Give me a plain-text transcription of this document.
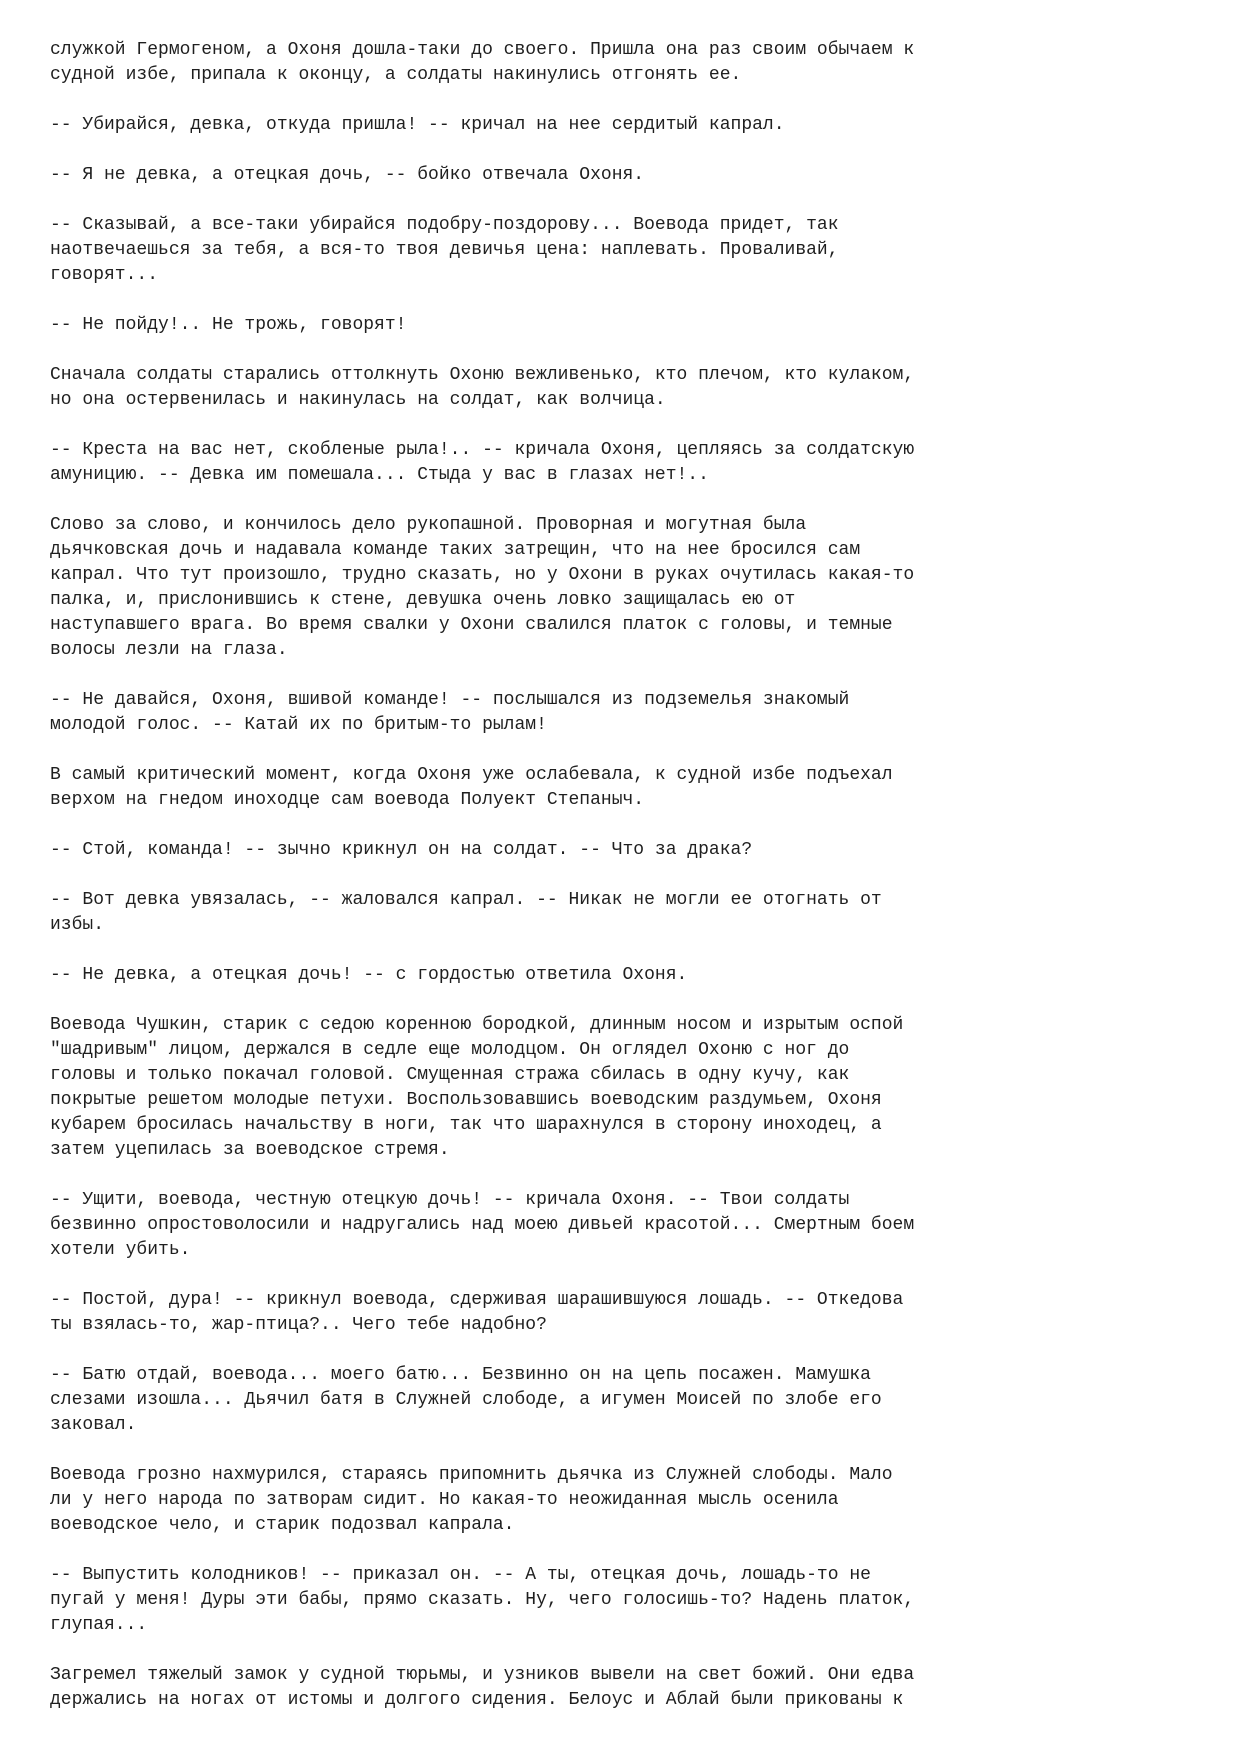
служкой Гермогеном, а Охоня дошла-таки до своего. Пришла она раз своим обычаем к
судной избе, припала к оконцу, а солдаты накинулись отгонять ее.

-- Убирайся, девка, откуда пришла! -- кричал на нее сердитый капрал.

-- Я не девка, а отецкая дочь, -- бойко отвечала Охоня.

-- Сказывай, а все-таки убирайся подобру-поздорову... Воевода придет, так
наотвечаешься за тебя, а вся-то твоя девичья цена: наплевать. Проваливай,
говорят...

-- Не пойду!.. Не трожь, говорят!

Сначала солдаты старались оттолкнуть Охоню вежливенько, кто плечом, кто кулаком,
но она остервенилась и накинулась на солдат, как волчица.

-- Креста на вас нет, скобленые рыла!.. -- кричала Охоня, цепляясь за солдатскую
амуницию. -- Девка им помешала... Стыда у вас в глазах нет!..

Слово за слово, и кончилось дело рукопашной. Проворная и могутная была
дьячковская дочь и надавала команде таких затрещин, что на нее бросился сам
капрал. Что тут произошло, трудно сказать, но у Охони в руках очутилась какая-то
палка, и, прислонившись к стене, девушка очень ловко защищалась ею от
наступавшего врага. Во время свалки у Охони свалился платок с головы, и темные
волосы лезли на глаза.

-- Не давайся, Охоня, вшивой команде! -- послышался из подземелья знакомый
молодой голос. -- Катай их по бритым-то рылам!

В самый критический момент, когда Охоня уже ослабевала, к судной избе подъехал
верхом на гнедом иноходце сам воевода Полуект Степаныч.

-- Стой, команда! -- зычно крикнул он на солдат. -- Что за драка?

-- Вот девка увязалась, -- жаловался капрал. -- Никак не могли ее отогнать от
избы.

-- Не девка, а отецкая дочь! -- с гордостью ответила Охоня.

Воевода Чушкин, старик с седою коренною бородкой, длинным носом и изрытым оспой
"шадривым" лицом, держался в седле еще молодцом. Он оглядел Охоню с ног до
головы и только покачал головой. Смущенная стража сбилась в одну кучу, как
покрытые решетом молодые петухи. Воспользовавшись воеводским раздумьем, Охоня
кубарем бросилась начальству в ноги, так что шарахнулся в сторону иноходец, а
затем уцепилась за воеводское стремя.

-- Ущити, воевода, честную отецкую дочь! -- кричала Охоня. -- Твои солдаты
безвинно опростоволосили и надругались над моею дивьей красотой... Смертным боем
хотели убить.

-- Постой, дура! -- крикнул воевода, сдерживая шарашившуюся лошадь. -- Откедова
ты взялась-то, жар-птица?.. Чего тебе надобно?

-- Батю отдай, воевода... моего батю... Безвинно он на цепь посажен. Мамушка
слезами изошла... Дьячил батя в Служней слободе, а игумен Моисей по злобе его
заковал.

Воевода грозно нахмурился, стараясь припомнить дьячка из Служней слободы. Мало
ли у него народа по затворам сидит. Но какая-то неожиданная мысль осенила
воеводское чело, и старик подозвал капрала.

-- Выпустить колодников! -- приказал он. -- А ты, отецкая дочь, лошадь-то не
пугай у меня! Дуры эти бабы, прямо сказать. Ну, чего голосишь-то? Надень платок,
глупая...

Загремел тяжелый замок у судной тюрьмы, и узников вывели на свет божий. Они едва
держались на ногах от истомы и долгого сидения. Белоус и Аблай были прикованы к
